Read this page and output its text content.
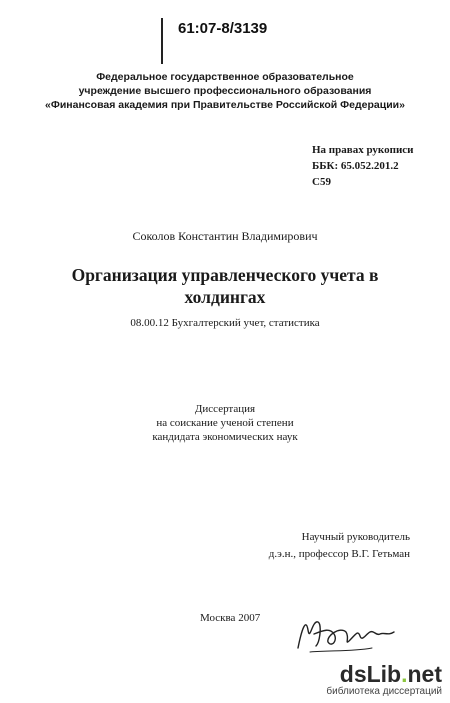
61:07-8/3139
Федеральное государственное образовательное
учреждение высшего профессионального образования
«Финансовая академия при Правительстве Российской Федерации»
На правах рукописи
ББК: 65.052.201.2
С59
Соколов Константин Владимирович
Организация управленческого учета в
холдингах
08.00.12 Бухгалтерский учет, статистика
Диссертация
на соискание ученой степени
кандидата экономических наук
Научный руководитель
д.э.н., профессор В.Г. Гетьман
Москва 2007
dsLib.net
библиотека диссертаций
